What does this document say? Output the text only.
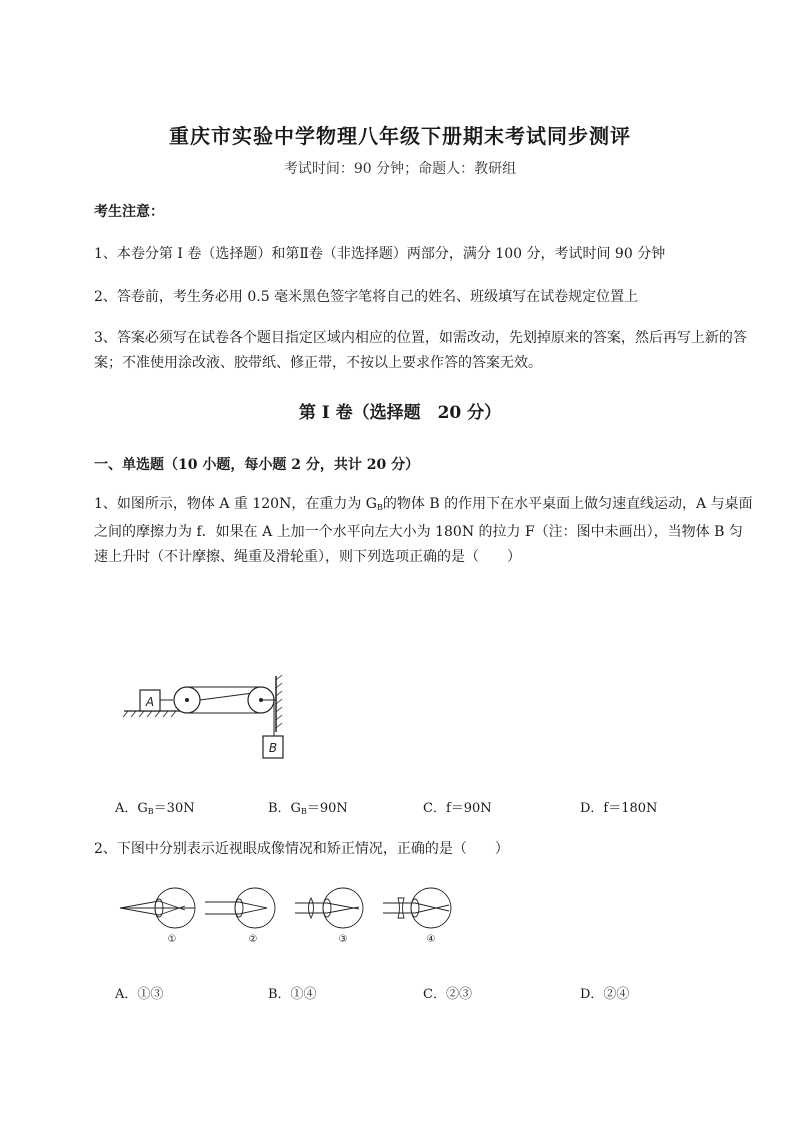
重庆市实验中学物理八年级下册期末考试同步测评
考试时间：90 分钟；命题人：教研组
考生注意：
1、本卷分第 I 卷（选择题）和第Ⅱ卷（非选择题）两部分，满分 100 分，考试时间 90 分钟
2、答卷前，考生务必用 0.5 毫米黑色签字笔将自己的姓名、班级填写在试卷规定位置上
3、答案必须写在试卷各个题目指定区域内相应的位置，如需改动，先划掉原来的答案，然后再写上新的答案；不准使用涂改液、胶带纸、修正带，不按以上要求作答的答案无效。
第 I 卷（选择题　20 分）
一、单选题（10 小题，每小题 2 分，共计 20 分）
1、如图所示，物体 A 重 120N，在重力为 $G_B$的物体 B 的作用下在水平桌面上做匀速直线运动，A 与桌面之间的摩擦力为 f．如果在 A 上加一个水平向左大小为 180N 的拉力 F（注：图中未画出），当物体 B 匀速上升时（不计摩擦、绳重及滑轮重），则下列选项正确的是（　　）
A
B
A．$G_B=30N$	B．$G_B=90N$	C．f＝90N	D．f＝180N
2、下图中分别表示近视眼成像情况和矫正情况，正确的是（　　）
①	②	③	④
A．①③	B．①④	C．②③	D．②④
